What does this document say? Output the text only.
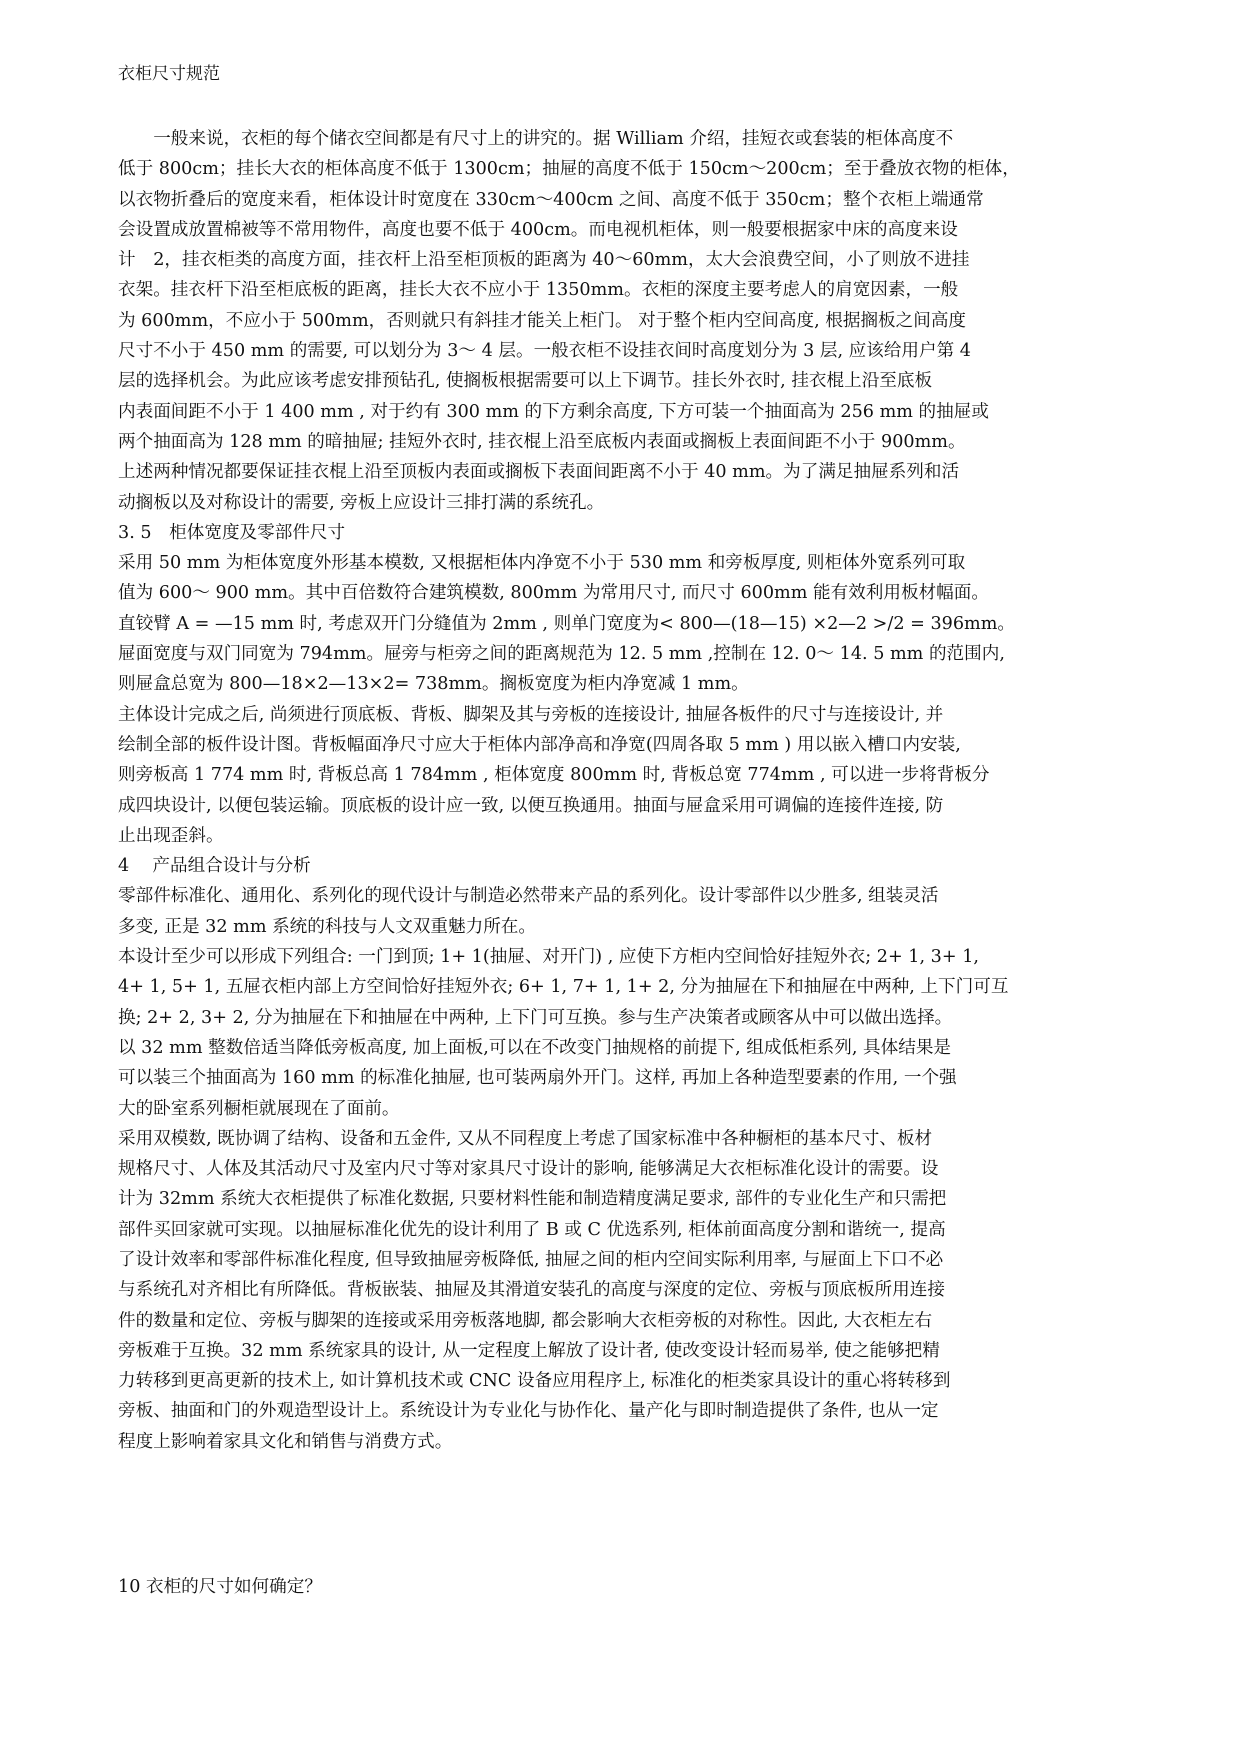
衣柜尺寸规范
　　一般来说，衣柜的每个储衣空间都是有尺寸上的讲究的。据 William 介绍，挂短衣或套装的柜体高度不
低于 800cm；挂长大衣的柜体高度不低于 1300cm；抽屉的高度不低于 150cm～200cm；至于叠放衣物的柜体，
以衣物折叠后的宽度来看，柜体设计时宽度在 330cm～400cm 之间、高度不低于 350cm；整个衣柜上端通常
会设置成放置棉被等不常用物件，高度也要不低于 400cm。而电视机柜体，则一般要根据家中床的高度来设
计　2，挂衣柜类的高度方面，挂衣杆上沿至柜顶板的距离为 40～60mm，太大会浪费空间，小了则放不进挂
衣架。挂衣杆下沿至柜底板的距离，挂长大衣不应小于 1350mm。衣柜的深度主要考虑人的肩宽因素，一般
为 600mm，不应小于 500mm，否则就只有斜挂才能关上柜门。 对于整个柜内空间高度, 根据搁板之间高度
尺寸不小于 450 mm 的需要, 可以划分为 3～ 4 层。一般衣柜不设挂衣间时高度划分为 3 层, 应该给用户第 4
层的选择机会。为此应该考虑安排预钻孔, 使搁板根据需要可以上下调节。挂长外衣时, 挂衣棍上沿至底板
内表面间距不小于 1 400 mm , 对于约有 300 mm 的下方剩余高度, 下方可装一个抽面高为 256 mm 的抽屉或
两个抽面高为 128 mm 的暗抽屉; 挂短外衣时, 挂衣棍上沿至底板内表面或搁板上表面间距不小于 900mm。
上述两种情况都要保证挂衣棍上沿至顶板内表面或搁板下表面间距离不小于 40 mm。为了满足抽屉系列和活
动搁板以及对称设计的需要, 旁板上应设计三排打满的系统孔。
3. 5　柜体宽度及零部件尺寸
采用 50 mm 为柜体宽度外形基本模数, 又根据柜体内净宽不小于 530 mm 和旁板厚度, 则柜体外宽系列可取
值为 600～ 900 mm。其中百倍数符合建筑模数, 800mm 为常用尺寸, 而尺寸 600mm 能有效利用板材幅面。
直铰臂 A = —15 mm 时, 考虑双开门分缝值为 2mm , 则单门宽度为< 800—(18—15) ×2—2 >/2 = 396mm。
屉面宽度与双门同宽为 794mm。屉旁与柜旁之间的距离规范为 12. 5 mm ,控制在 12. 0～ 14. 5 mm 的范围内,
则屉盒总宽为 800—18×2—13×2= 738mm。搁板宽度为柜内净宽减 1 mm。
主体设计完成之后, 尚须进行顶底板、背板、脚架及其与旁板的连接设计, 抽屉各板件的尺寸与连接设计, 并
绘制全部的板件设计图。背板幅面净尺寸应大于柜体内部净高和净宽(四周各取 5 mm ) 用以嵌入槽口内安装,
则旁板高 1 774 mm 时, 背板总高 1 784mm , 柜体宽度 800mm 时, 背板总宽 774mm , 可以进一步将背板分
成四块设计, 以便包装运输。顶底板的设计应一致, 以便互换通用。抽面与屉盒采用可调偏的连接件连接, 防
止出现歪斜。
4　 产品组合设计与分析
零部件标准化、通用化、系列化的现代设计与制造必然带来产品的系列化。设计零部件以少胜多, 组装灵活
多变, 正是 32 mm 系统的科技与人文双重魅力所在。
本设计至少可以形成下列组合: 一门到顶; 1+ 1(抽屉、对开门) , 应使下方柜内空间恰好挂短外衣; 2+ 1, 3+ 1,
4+ 1, 5+ 1, 五屉衣柜内部上方空间恰好挂短外衣; 6+ 1, 7+ 1, 1+ 2, 分为抽屉在下和抽屉在中两种, 上下门可互
换; 2+ 2, 3+ 2, 分为抽屉在下和抽屉在中两种, 上下门可互换。参与生产决策者或顾客从中可以做出选择。
以 32 mm 整数倍适当降低旁板高度, 加上面板,可以在不改变门抽规格的前提下, 组成低柜系列, 具体结果是
可以装三个抽面高为 160 mm 的标准化抽屉, 也可装两扇外开门。这样, 再加上各种造型要素的作用, 一个强
大的卧室系列橱柜就展现在了面前。
采用双模数, 既协调了结构、设备和五金件, 又从不同程度上考虑了国家标准中各种橱柜的基本尺寸、板材
规格尺寸、人体及其活动尺寸及室内尺寸等对家具尺寸设计的影响, 能够满足大衣柜标准化设计的需要。设
计为 32mm 系统大衣柜提供了标准化数据, 只要材料性能和制造精度满足要求, 部件的专业化生产和只需把
部件买回家就可实现。以抽屉标准化优先的设计利用了 B 或 C 优选系列, 柜体前面高度分割和谐统一, 提高
了设计效率和零部件标准化程度, 但导致抽屉旁板降低, 抽屉之间的柜内空间实际利用率, 与屉面上下口不必
与系统孔对齐相比有所降低。背板嵌装、抽屉及其滑道安装孔的高度与深度的定位、旁板与顶底板所用连接
件的数量和定位、旁板与脚架的连接或采用旁板落地脚, 都会影响大衣柜旁板的对称性。因此, 大衣柜左右
旁板难于互换。32 mm 系统家具的设计, 从一定程度上解放了设计者, 使改变设计轻而易举, 使之能够把精
力转移到更高更新的技术上, 如计算机技术或 CNC 设备应用程序上, 标准化的柜类家具设计的重心将转移到
旁板、抽面和门的外观造型设计上。系统设计为专业化与协作化、量产化与即时制造提供了条件, 也从一定
程度上影响着家具文化和销售与消费方式。
10 衣柜的尺寸如何确定？
